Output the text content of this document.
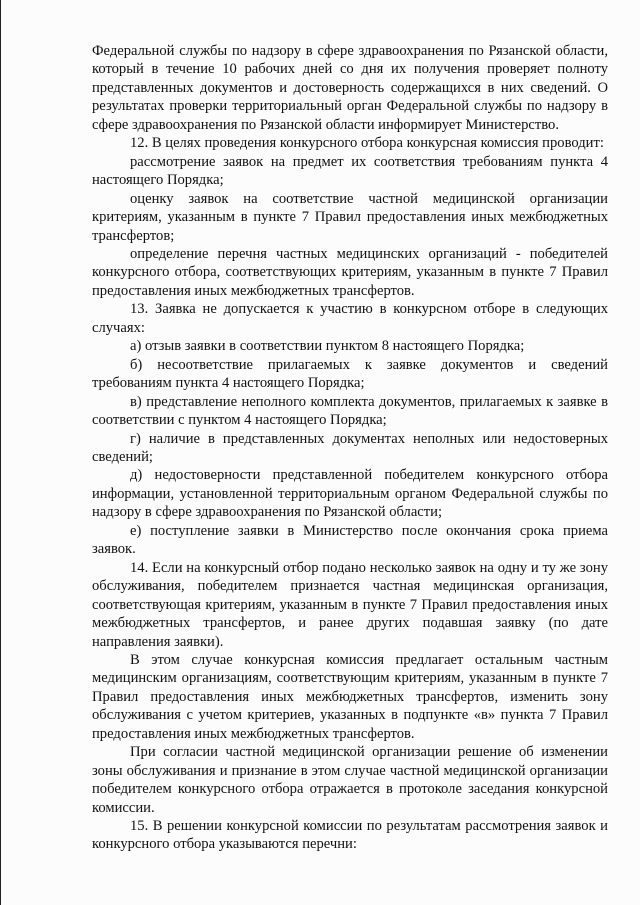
Федеральной службы по надзору в сфере здравоохранения по Рязанской области, который в течение 10 рабочих дней со дня их получения проверяет полноту представленных документов и достоверность содержащихся в них сведений. О результатах проверки территориальный орган Федеральной службы по надзору в сфере здравоохранения по Рязанской области информирует Министерство.

12. В целях проведения конкурсного отбора конкурсная комиссия проводит:

рассмотрение заявок на предмет их соответствия требованиям пункта 4 настоящего Порядка;

оценку заявок на соответствие частной медицинской организации критериям, указанным в пункте 7 Правил предоставления иных межбюджетных трансфертов;

определение перечня частных медицинских организаций - победителей конкурсного отбора, соответствующих критериям, указанным в пункте 7 Правил предоставления иных межбюджетных трансфертов.

13. Заявка не допускается к участию в конкурсном отборе в следующих случаях:

а) отзыв заявки в соответствии пунктом 8 настоящего Порядка;

б) несоответствие прилагаемых к заявке документов и сведений требованиям пункта 4 настоящего Порядка;

в) представление неполного комплекта документов, прилагаемых к заявке в соответствии с пунктом 4 настоящего Порядка;

г) наличие в представленных документах неполных или недостоверных сведений;

д) недостоверности представленной победителем конкурсного отбора информации, установленной территориальным органом Федеральной службы по надзору в сфере здравоохранения по Рязанской области;

е) поступление заявки в Министерство после окончания срока приема заявок.

14. Если на конкурсный отбор подано несколько заявок на одну и ту же зону обслуживания, победителем признается частная медицинская организация, соответствующая критериям, указанным в пункте 7 Правил предоставления иных межбюджетных трансфертов, и ранее других подавшая заявку (по дате направления заявки).

В этом случае конкурсная комиссия предлагает остальным частным медицинским организациям, соответствующим критериям, указанным в пункте 7 Правил предоставления иных межбюджетных трансфертов, изменить зону обслуживания с учетом критериев, указанных в подпункте «в» пункта 7 Правил предоставления иных межбюджетных трансфертов.

При согласии частной медицинской организации решение об изменении зоны обслуживания и признание в этом случае частной медицинской организации победителем конкурсного отбора отражается в протоколе заседания конкурсной комиссии.

15. В решении конкурсной комиссии по результатам рассмотрения заявок и конкурсного отбора указываются перечни:
